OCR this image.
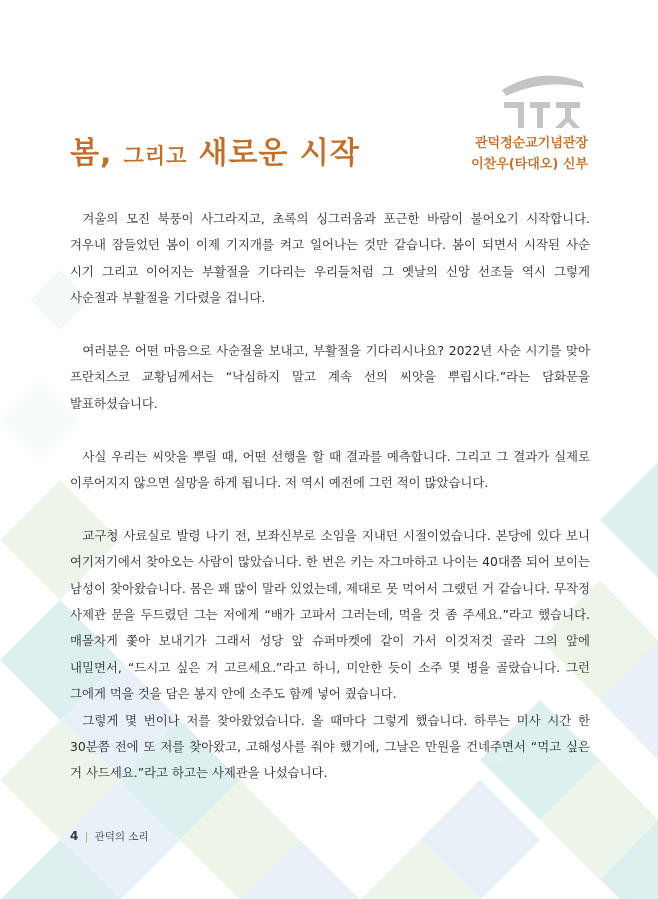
봄, 그리고 새로운 시작	관덕정순교기념관장
이찬우(타대오) 신부

겨울의 모진 북풍이 사그라지고, 초록의 싱그러움과 포근한 바람이 불어오기 시작합니다. 겨우내 잠들었던 봄이 이제 기지개를 켜고 일어나는 것만 같습니다. 봄이 되면서 시작된 사순 시기 그리고 이어지는 부활절을 기다리는 우리들처럼 그 옛날의 신앙 선조들 역시 그렇게 사순절과 부활절을 기다렸을 겁니다.

여러분은 어떤 마음으로 사순절을 보내고, 부활절을 기다리시나요? 2022년 사순 시기를 맞아 프란치스코 교황님께서는 “낙심하지 말고 계속 선의 씨앗을 뿌립시다.”라는 담화문을 발표하셨습니다.

사실 우리는 씨앗을 뿌릴 때, 어떤 선행을 할 때 결과를 예측합니다. 그리고 그 결과가 실제로 이루어지지 않으면 실망을 하게 됩니다. 저 역시 예전에 그런 적이 많았습니다.

교구청 사료실로 발령 나기 전, 보좌신부로 소임을 지내던 시절이었습니다. 본당에 있다 보니 여기저기에서 찾아오는 사람이 많았습니다. 한 번은 키는 자그마하고 나이는 40대쯤 되어 보이는 남성이 찾아왔습니다. 몸은 꽤 많이 말라 있었는데, 제대로 못 먹어서 그랬던 거 같습니다. 무작정 사제관 문을 두드렸던 그는 저에게 “배가 고파서 그러는데, 먹을 것 좀 주세요.”라고 했습니다. 매몰차게 쫓아 보내기가 그래서 성당 앞 슈퍼마켓에 같이 가서 이것저것 골라 그의 앞에 내밀면서, “드시고 싶은 거 고르세요.”라고 하니, 미안한 듯이 소주 몇 병을 골랐습니다. 그런 그에게 먹을 것을 담은 봉지 안에 소주도 함께 넣어 줬습니다.

그렇게 몇 번이나 저를 찾아왔었습니다. 올 때마다 그렇게 했습니다. 하루는 미사 시간 한 30분쯤 전에 또 저를 찾아왔고, 고해성사를 줘야 했기에, 그날은 만원을 건네주면서 “먹고 싶은 거 사드세요.”라고 하고는 사제관을 나섰습니다.

4 | 관덕의 소리
